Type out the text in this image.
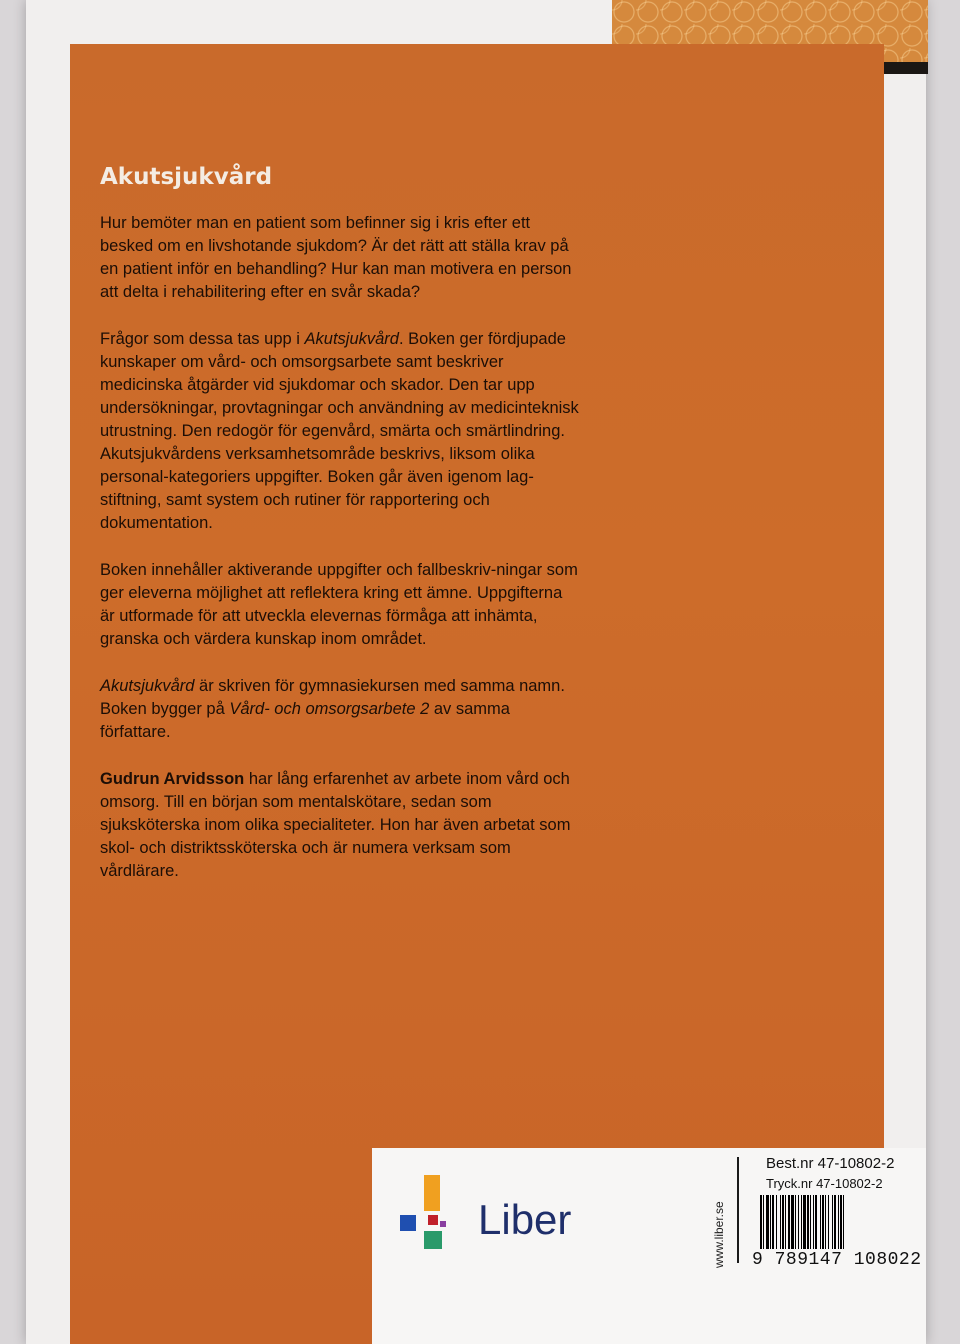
Akutsjukvård

Hur bemöter man en patient som befinner sig i kris efter ett besked om en livshotande sjukdom? Är det rätt att ställa krav på en patient inför en behandling? Hur kan man motivera en person att delta i rehabilitering efter en svår skada?

Frågor som dessa tas upp i Akutsjukvård. Boken ger fördjupade kunskaper om vård- och omsorgsarbete samt beskriver medicinska åtgärder vid sjukdomar och skador. Den tar upp undersökningar, provtagningar och användning av medicinteknisk utrustning. Den redogör för egenvård, smärta och smärtlindring. Akutsjukvårdens verksamhetsområde beskrivs, liksom olika personal-kategoriers uppgifter. Boken går även igenom lag-stiftning, samt system och rutiner för rapportering och dokumentation.

Boken innehåller aktiverande uppgifter och fallbeskriv-ningar som ger eleverna möjlighet att reflektera kring ett ämne. Uppgifterna är utformade för att utveckla elevernas förmåga att inhämta, granska och värdera kunskap inom området.

Akutsjukvård är skriven för gymnasiekursen med samma namn. Boken bygger på Vård- och omsorgsarbete 2 av samma författare.

Gudrun Arvidsson har lång erfarenhet av arbete inom vård och omsorg. Till en början som mentalskötare, sedan som sjuksköterska inom olika specialiteter. Hon har även arbetat som skol- och distriktssköterska och är numera verksam som vårdlärare.

Liber	www.liber.se
Best.nr 47-10802-2
Tryck.nr 47-10802-2
9 789147 108022
